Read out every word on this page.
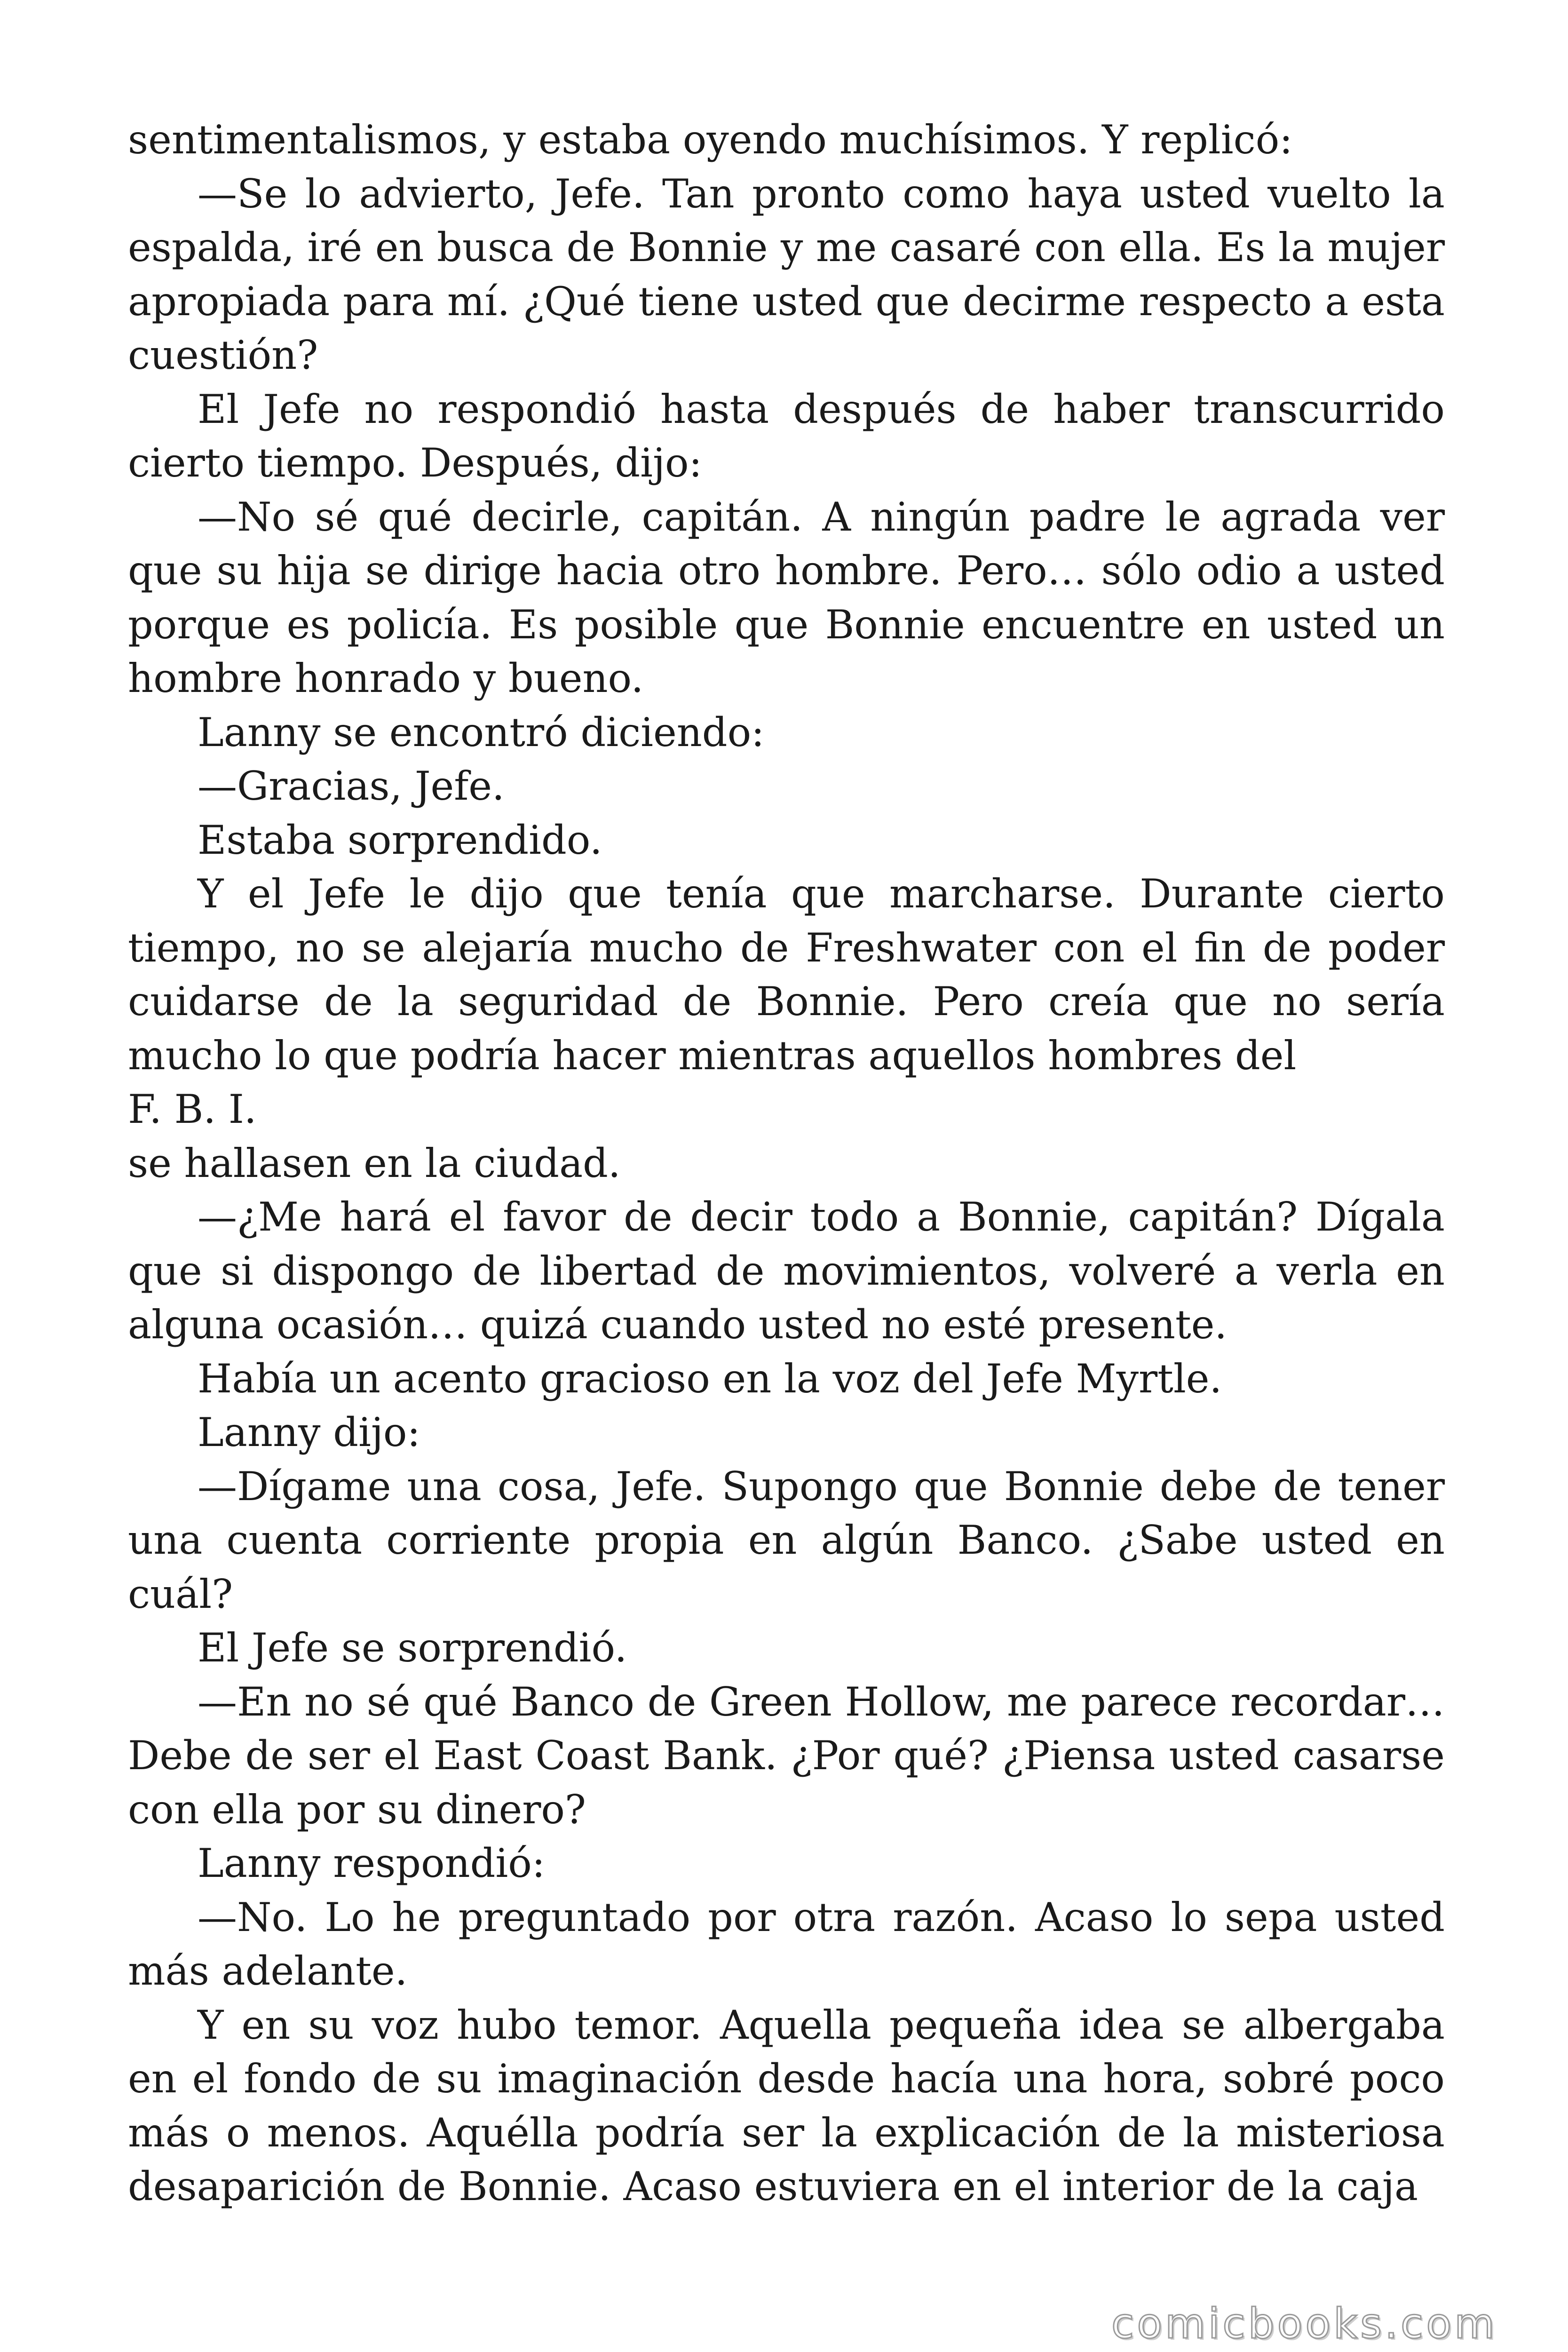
sentimentalismos, y estaba oyendo muchísimos. Y replicó:

—Se lo advierto, Jefe. Tan pronto como haya usted vuelto la espalda, iré en busca de Bonnie y me casaré con ella. Es la mujer apropiada para mí. ¿Qué tiene usted que decirme respecto a esta cuestión?

El Jefe no respondió hasta después de haber transcurrido cierto tiempo. Después, dijo:

—No sé qué decirle, capitán. A ningún padre le agrada ver que su hija se dirige hacia otro hombre. Pero… sólo odio a usted porque es policía. Es posible que Bonnie encuentre en usted un hombre honrado y bueno.

Lanny se encontró diciendo:

—Gracias, Jefe.

Estaba sorprendido.

Y el Jefe le dijo que tenía que marcharse. Durante cierto tiempo, no se alejaría mucho de Freshwater con el fin de poder cuidarse de la seguridad de Bonnie. Pero creía que no sería mucho lo que podría hacer mientras aquellos hombres del

F. B. I.

se hallasen en la ciudad.

—¿Me hará el favor de decir todo a Bonnie, capitán? Dígala que si dispongo de libertad de movimientos, volveré a verla en alguna ocasión… quizá cuando usted no esté presente.

Había un acento gracioso en la voz del Jefe Myrtle.

Lanny dijo:

—Dígame una cosa, Jefe. Supongo que Bonnie debe de tener una cuenta corriente propia en algún Banco. ¿Sabe usted en cuál?

El Jefe se sorprendió.

—En no sé qué Banco de Green Hollow, me parece recordar… Debe de ser el East Coast Bank. ¿Por qué? ¿Piensa usted casarse con ella por su dinero?

Lanny respondió:

—No. Lo he preguntado por otra razón. Acaso lo sepa usted más adelante.

Y en su voz hubo temor. Aquella pequeña idea se albergaba en el fondo de su imaginación desde hacía una hora, sobré poco más o menos. Aquélla podría ser la explicación de la misteriosa desaparición de Bonnie. Acaso estuviera en el interior de la caja

comicbooks.com
